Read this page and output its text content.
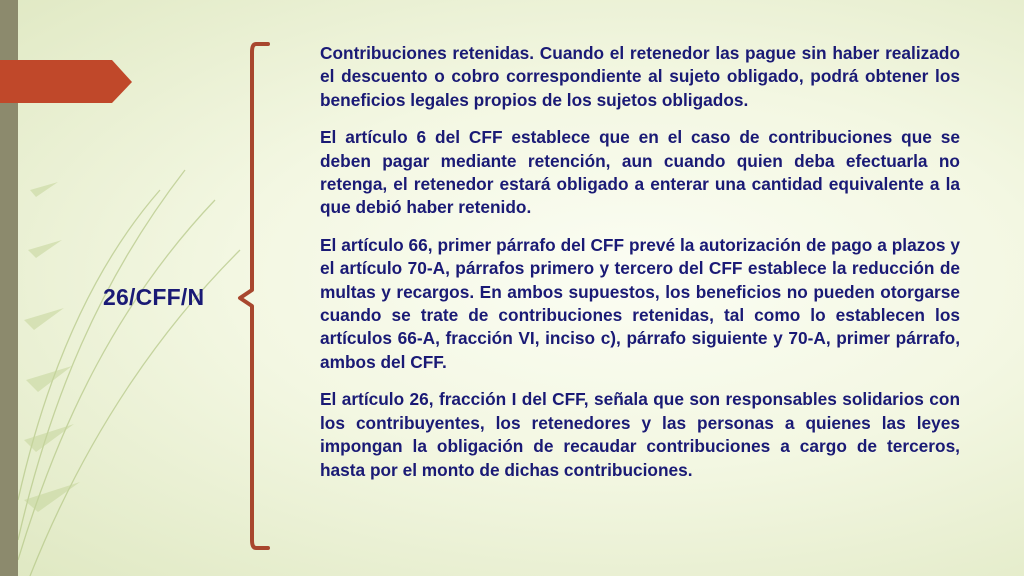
26/CFF/N

Contribuciones retenidas. Cuando el retenedor las pague sin haber realizado el descuento o cobro correspondiente al sujeto obligado, podrá obtener los beneficios legales propios de los sujetos obligados.

El artículo 6 del CFF establece que en el caso de contribuciones que se deben pagar mediante retención, aun cuando quien deba efectuarla no retenga, el retenedor estará obligado a enterar una cantidad equivalente a la que debió haber retenido.

El artículo 66, primer párrafo del CFF prevé la autorización de pago a plazos y el artículo 70-A, párrafos primero y tercero del CFF establece la reducción de multas y recargos. En ambos supuestos, los beneficios no pueden otorgarse cuando se trate de contribuciones retenidas, tal como lo establecen los artículos 66-A, fracción VI, inciso c), párrafo siguiente y 70-A, primer párrafo, ambos del CFF.

El artículo 26, fracción I del CFF, señala que son responsables solidarios con los contribuyentes, los retenedores y las personas a quienes las leyes impongan la obligación de recaudar contribuciones a cargo de terceros, hasta por el monto de dichas contribuciones.
